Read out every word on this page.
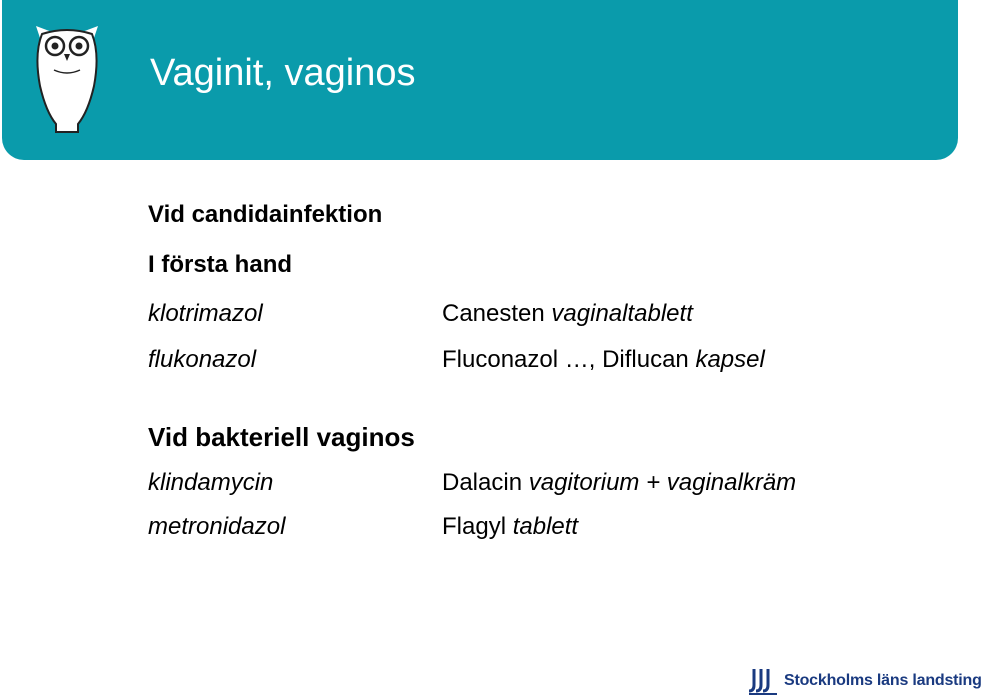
Vaginit, vaginos
Vid candidainfektion
I första hand
klotrimazol	Canesten vaginaltablett
flukonazol	Fluconazol …, Diflucan kapsel
Vid bakteriell vaginos
klindamycin	Dalacin vagitorium + vaginalkräm
metronidazol	Flagyl tablett
Stockholms läns landsting
